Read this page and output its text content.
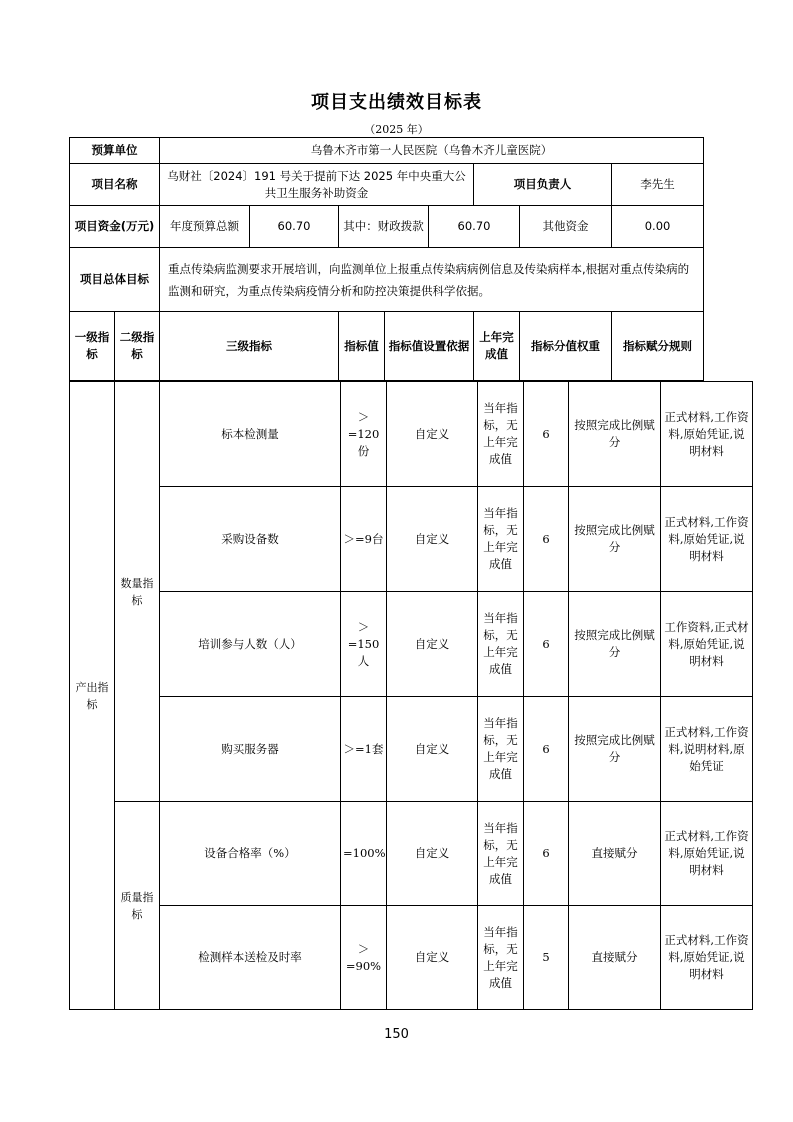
项目支出绩效目标表
（2025 年）
预算单位		乌鲁木齐市第一人民医院（乌鲁木齐儿童医院）								
项目名称		乌财社〔2024〕191 号关于提前下达 2025 年中央重大公共卫生服务补助资金					项目负责人		李先生	
项目资金(万元)		年度预算总额	60.70	其中：财政拨款		60.70		其他资金	0.00	
项目总体目标		重点传染病监测要求开展培训，向监测单位上报重点传染病病例信息及传染病样本,根据对重点传染病的监测和研究，为重点传染病疫情分析和防控决策提供科学依据。								
一级指标	二级指标	三级指标		指标值	指标值设置依据		上年完成值	指标分值权重	指标赋分规则	
产出指标	数量指标	标本检测量	＞=120份	自定义	当年指标，无上年完成值	6	按照完成比例赋分	正式材料,工作资料,原始凭证,说明材料
		采购设备数	＞=9台	自定义	当年指标，无上年完成值	6	按照完成比例赋分	正式材料,工作资料,原始凭证,说明材料
		培训参与人数（人）	＞=150人	自定义	当年指标，无上年完成值	6	按照完成比例赋分	工作资料,正式材料,原始凭证,说明材料
		购买服务器	＞=1套	自定义	当年指标，无上年完成值	6	按照完成比例赋分	正式材料,工作资料,说明材料,原始凭证
	质量指标	设备合格率（%）	=100%	自定义	当年指标，无上年完成值	6	直接赋分	正式材料,工作资料,原始凭证,说明材料
		检测样本送检及时率	＞=90%	自定义	当年指标，无上年完成值	5	直接赋分	正式材料,工作资料,原始凭证,说明材料
150
